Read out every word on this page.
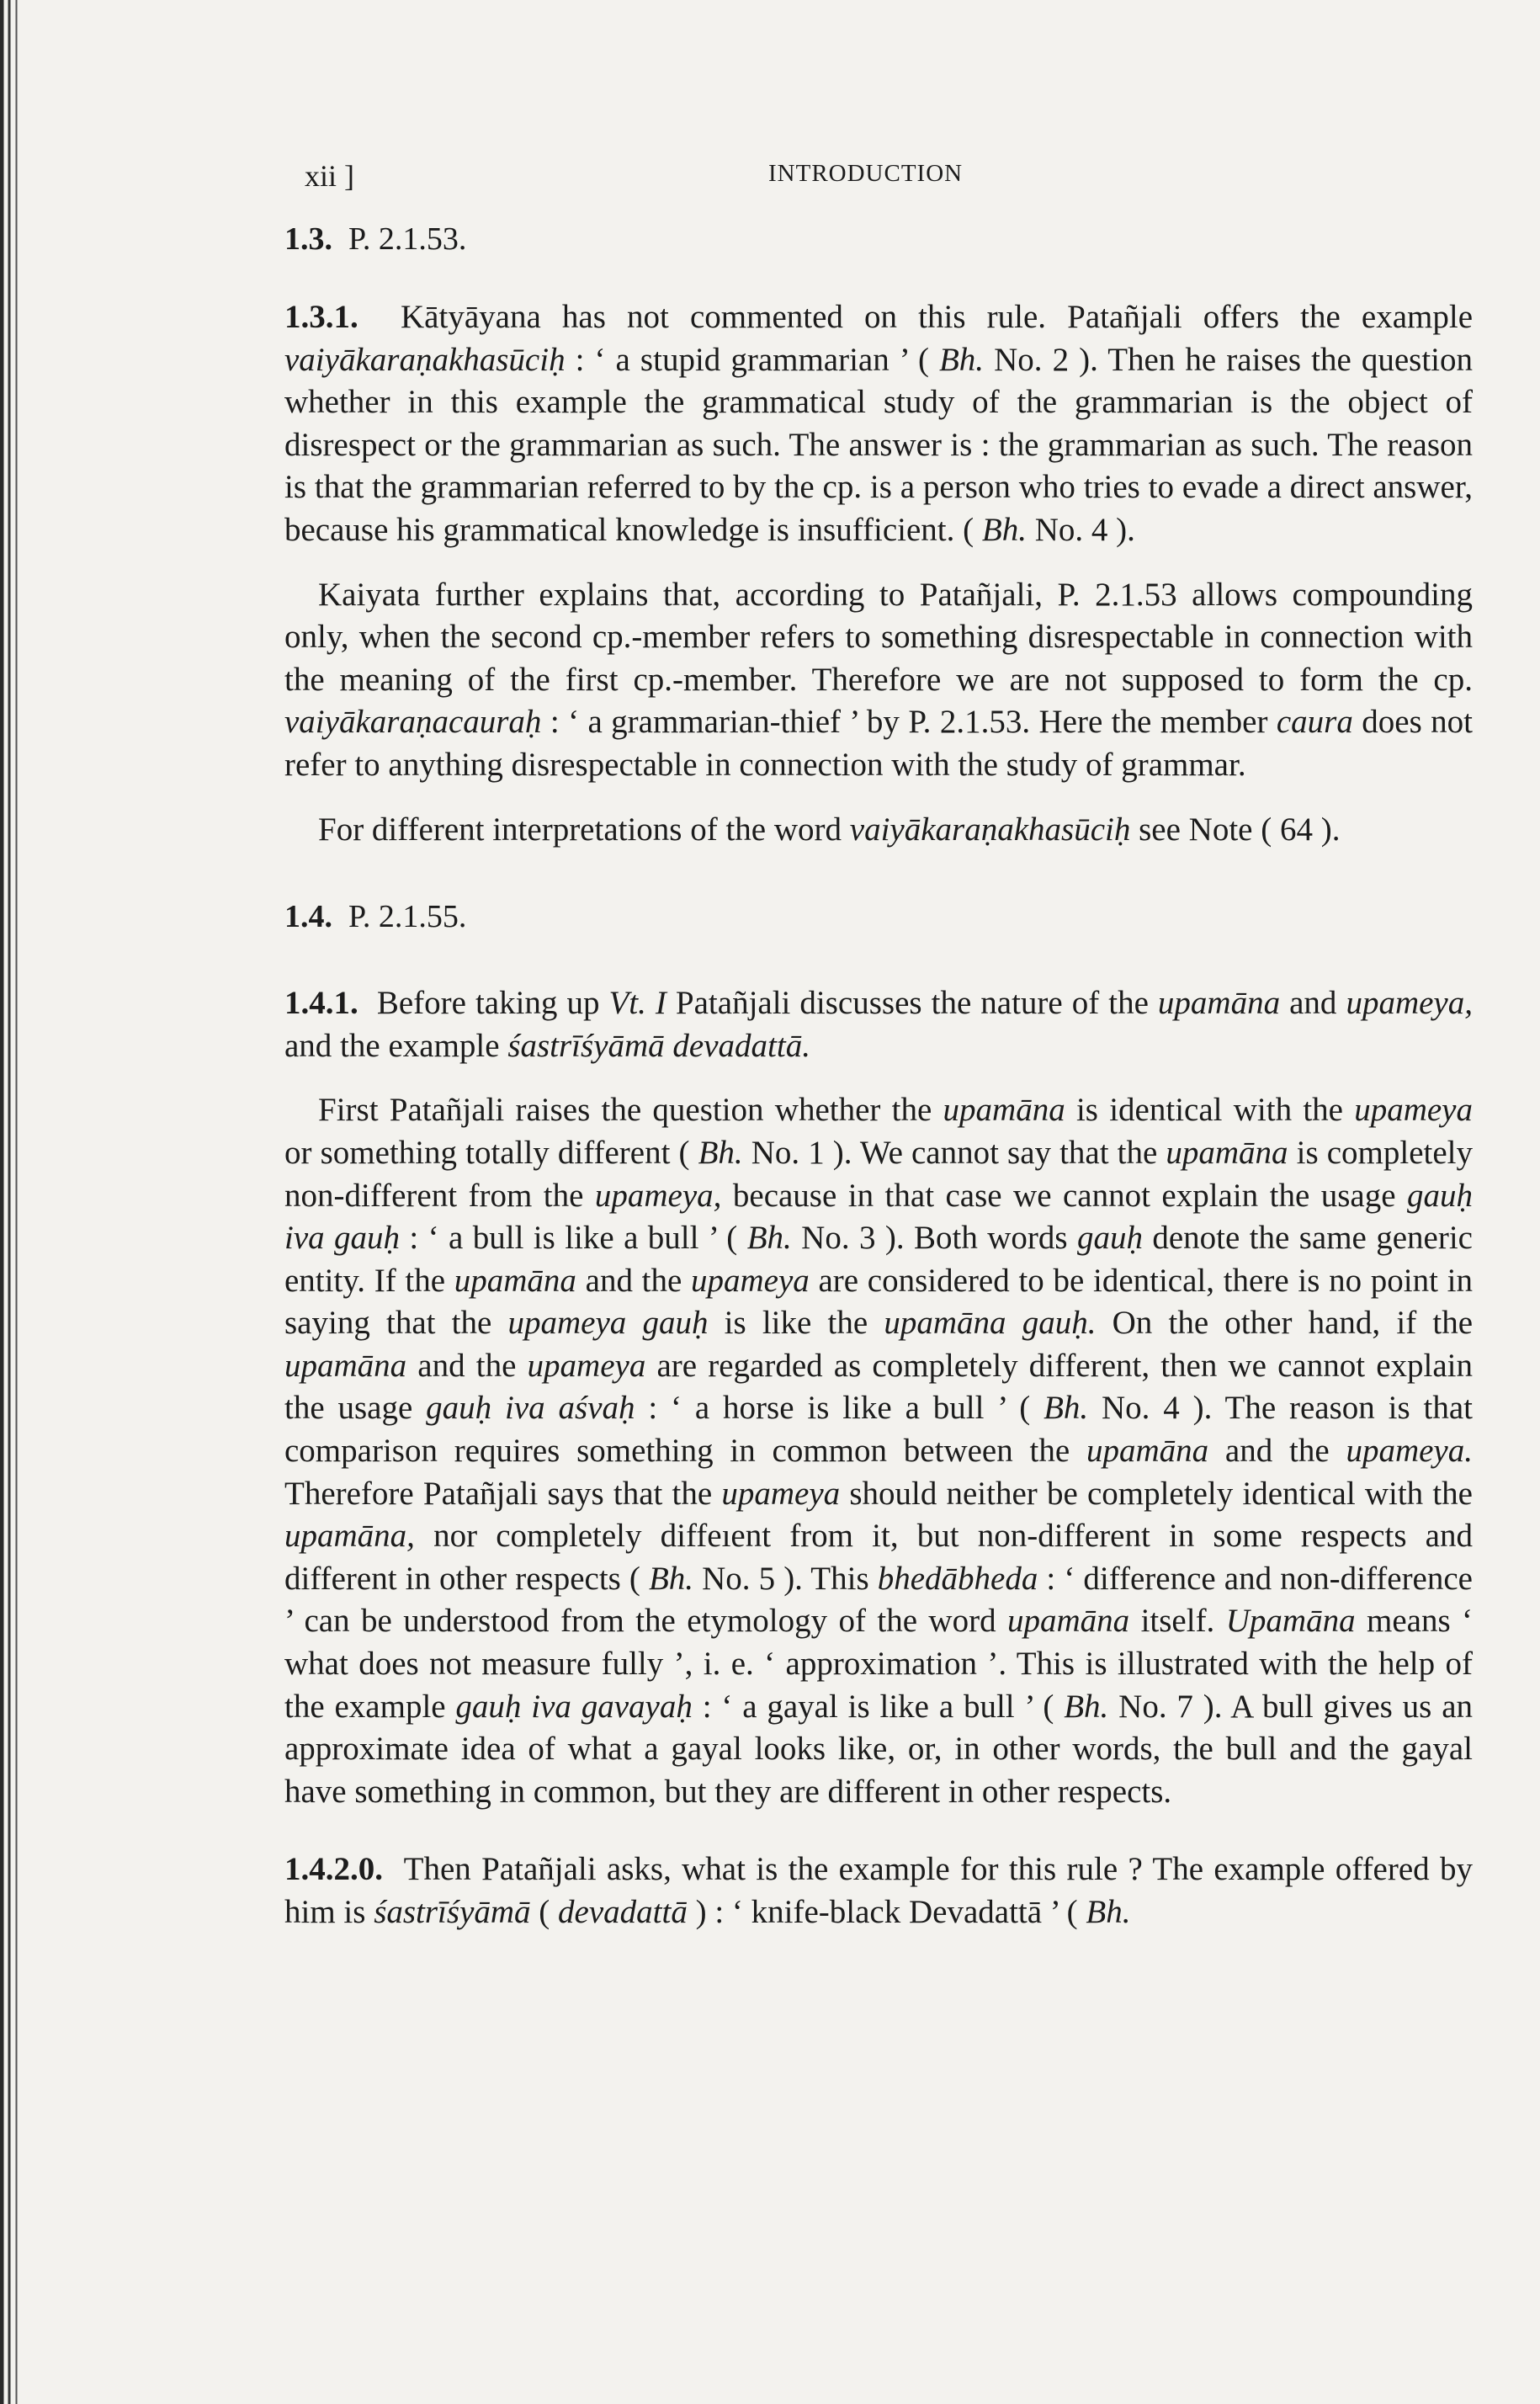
xii ]	INTRODUCTION

1.3. P. 2.1.53.

1.3.1. Kātyāyana has not commented on this rule. Patañjali offers the example vaiyākaraṇakhasūciḥ : ‘ a stupid grammarian ’ ( Bh. No. 2 ). Then he raises the question whether in this example the grammatical study of the grammarian is the object of disrespect or the grammarian as such. The answer is : the grammarian as such. The reason is that the grammarian referred to by the cp. is a person who tries to evade a direct answer, because his grammatical knowledge is insufficient. ( Bh. No. 4 ).

Kaiyata further explains that, according to Patañjali, P. 2.1.53 allows compounding only, when the second cp.-member refers to something disrespectable in connection with the meaning of the first cp.-member. Therefore we are not supposed to form the cp. vaiyākaraṇacauraḥ : ‘ a grammarian-thief ’ by P. 2.1.53. Here the member caura does not refer to anything disrespectable in connection with the study of grammar.

For different interpretations of the word vaiyākaraṇakhasūciḥ see Note ( 64 ).

1.4. P. 2.1.55.

1.4.1. Before taking up Vt. I Patañjali discusses the nature of the upamāna and upameya, and the example śastrīśyāmā devadattā.

First Patañjali raises the question whether the upamāna is identical with the upameya or something totally different ( Bh. No. 1 ). We cannot say that the upamāna is completely non-different from the upameya, because in that case we cannot explain the usage gauḥ iva gauḥ : ‘ a bull is like a bull ’ ( Bh. No. 3 ). Both words gauḥ denote the same generic entity. If the upamāna and the upameya are considered to be identical, there is no point in saying that the upameya gauḥ is like the upamāna gauḥ. On the other hand, if the upamāna and the upameya are regarded as completely different, then we cannot explain the usage gauḥ iva aśvaḥ : ‘ a horse is like a bull ’ ( Bh. No. 4 ). The reason is that comparison requires something in common between the upamāna and the upameya. Therefore Patañjali says that the upameya should neither be completely identical with the upamāna, nor completely diffeıent from it, but non-different in some respects and different in other respects ( Bh. No. 5 ). This bhedābheda : ‘ difference and non-difference ’ can be understood from the etymology of the word upamāna itself. Upamāna means ‘ what does not measure fully ’, i. e. ‘ approximation ’. This is illustrated with the help of the example gauḥ iva gavayaḥ : ‘ a gayal is like a bull ’ ( Bh. No. 7 ). A bull gives us an approximate idea of what a gayal looks like, or, in other words, the bull and the gayal have something in common, but they are different in other respects.

1.4.2.0. Then Patañjali asks, what is the example for this rule ? The example offered by him is śastrīśyāmā ( devadattā ) : ‘ knife-black Devadattā ’ ( Bh.
